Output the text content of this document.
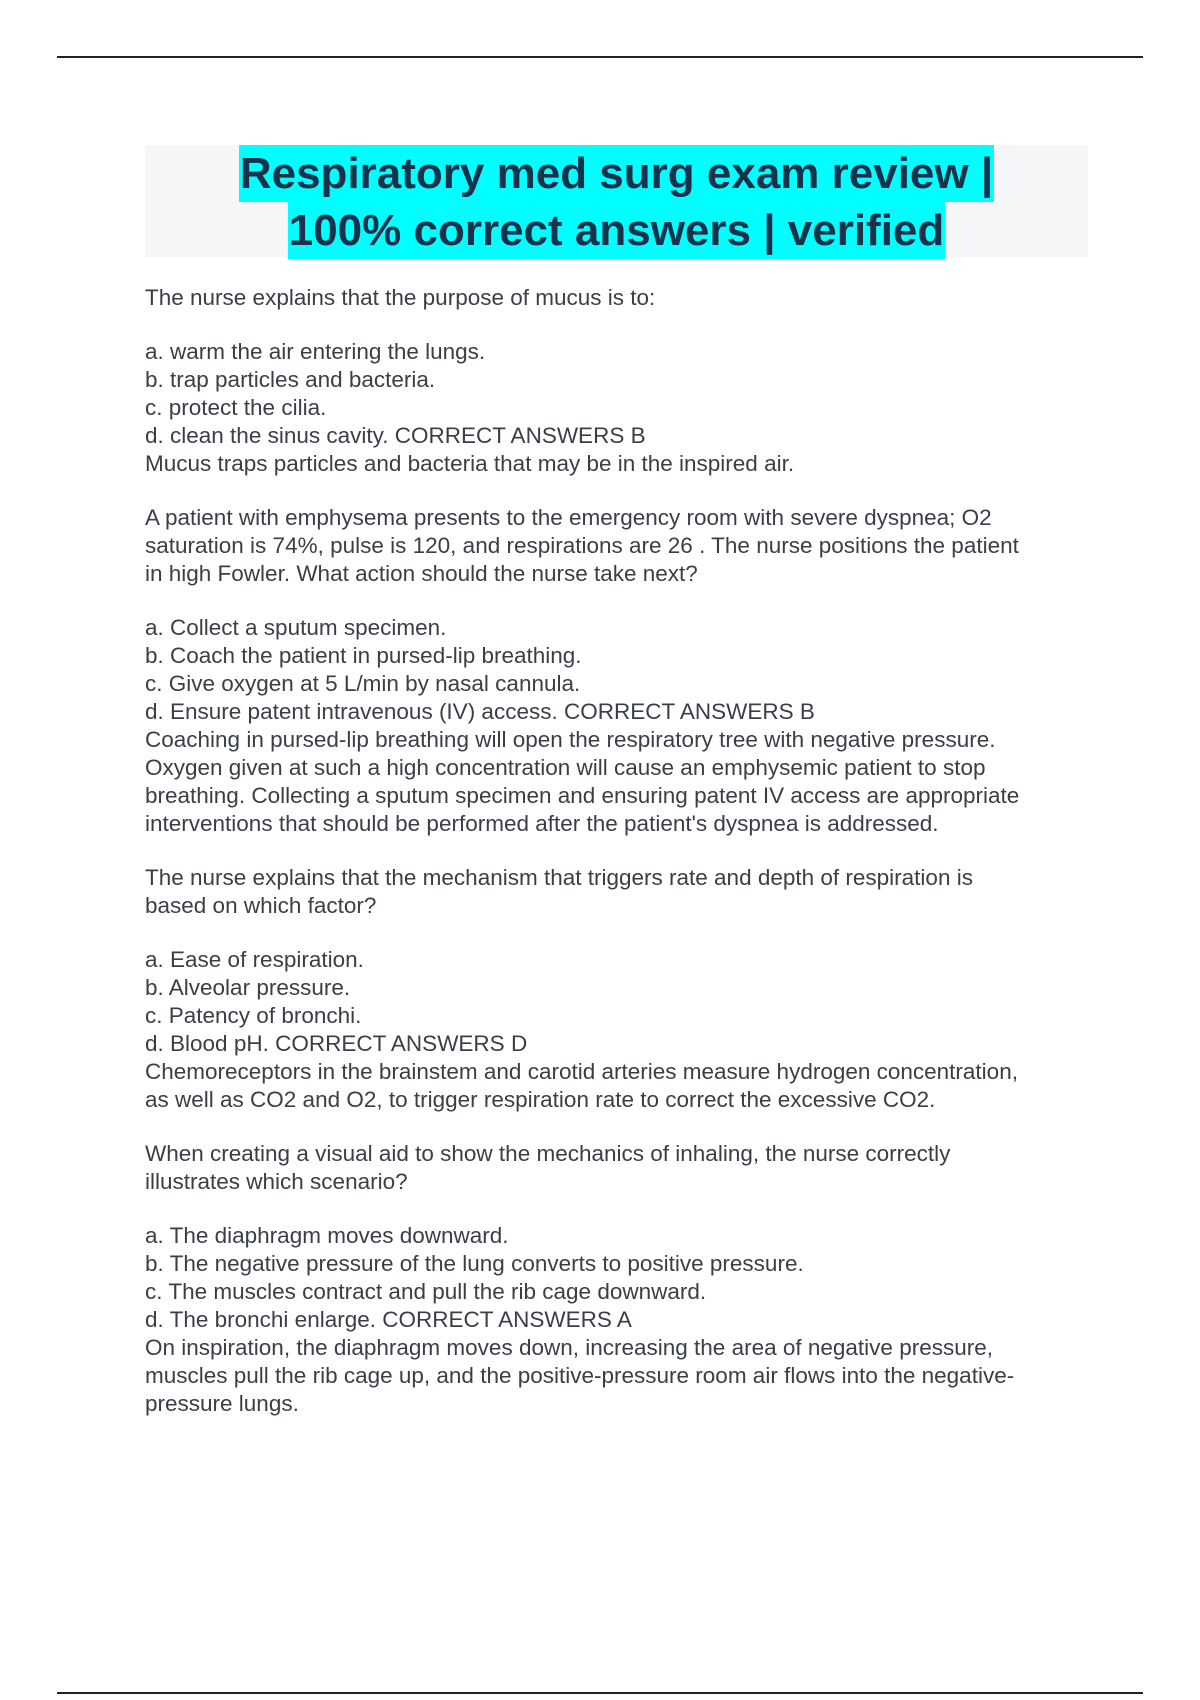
Respiratory med surg exam review |
100% correct answers | verified
The nurse explains that the purpose of mucus is to:
a. warm the air entering the lungs.
b. trap particles and bacteria.
c. protect the cilia.
d. clean the sinus cavity. CORRECT ANSWERS B
Mucus traps particles and bacteria that may be in the inspired air.
A patient with emphysema presents to the emergency room with severe dyspnea; O2
saturation is 74%, pulse is 120, and respirations are 26 . The nurse positions the patient
in high Fowler. What action should the nurse take next?
a. Collect a sputum specimen.
b. Coach the patient in pursed-lip breathing.
c. Give oxygen at 5 L/min by nasal cannula.
d. Ensure patent intravenous (IV) access. CORRECT ANSWERS B
Coaching in pursed-lip breathing will open the respiratory tree with negative pressure.
Oxygen given at such a high concentration will cause an emphysemic patient to stop
breathing. Collecting a sputum specimen and ensuring patent IV access are appropriate
interventions that should be performed after the patient's dyspnea is addressed.
The nurse explains that the mechanism that triggers rate and depth of respiration is
based on which factor?
a. Ease of respiration.
b. Alveolar pressure.
c. Patency of bronchi.
d. Blood pH. CORRECT ANSWERS D
Chemoreceptors in the brainstem and carotid arteries measure hydrogen concentration,
as well as CO2 and O2, to trigger respiration rate to correct the excessive CO2.
When creating a visual aid to show the mechanics of inhaling, the nurse correctly
illustrates which scenario?
a. The diaphragm moves downward.
b. The negative pressure of the lung converts to positive pressure.
c. The muscles contract and pull the rib cage downward.
d. The bronchi enlarge. CORRECT ANSWERS A
On inspiration, the diaphragm moves down, increasing the area of negative pressure,
muscles pull the rib cage up, and the positive-pressure room air flows into the negative-
pressure lungs.
